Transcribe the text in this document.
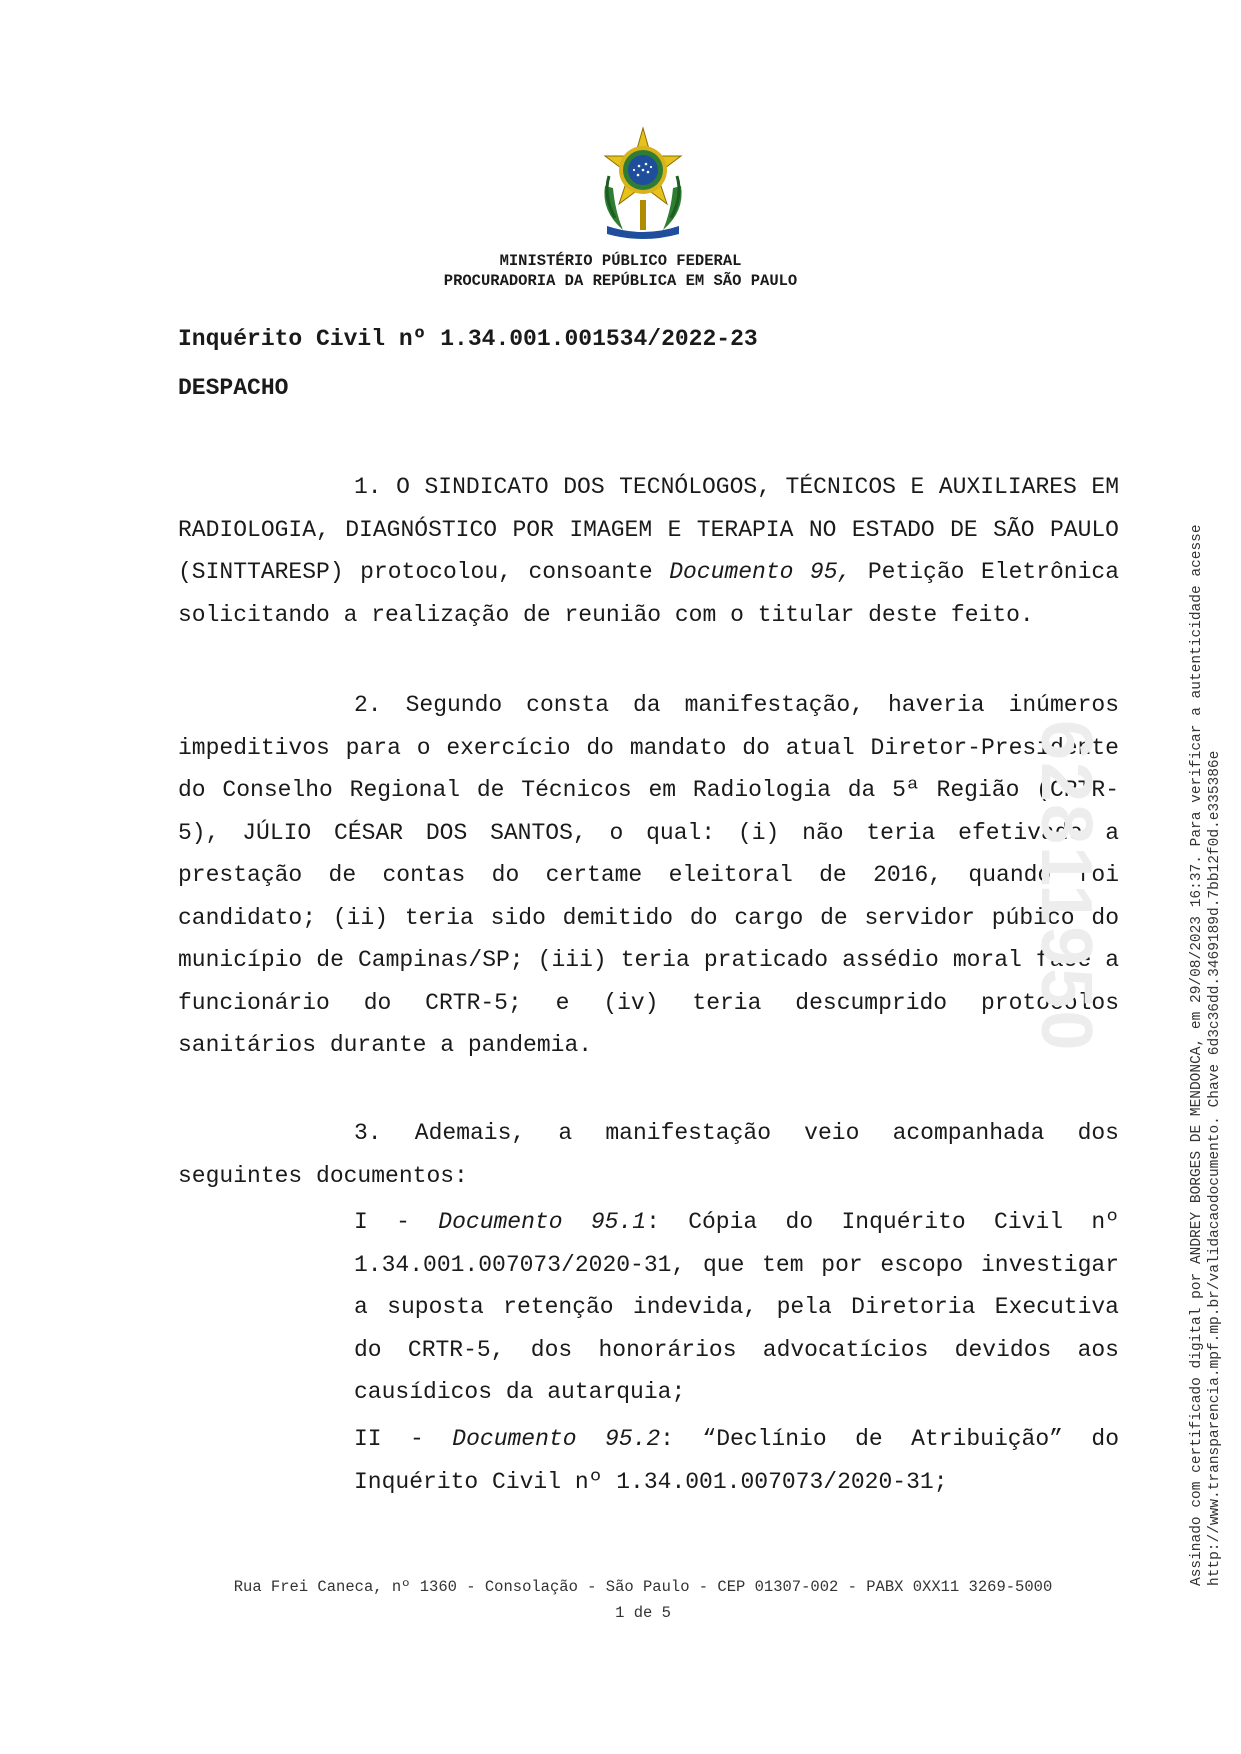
MINISTÉRIO PÚBLICO FEDERAL
PROCURADORIA DA REPÚBLICA EM SÃO PAULO
Inquérito Civil nº 1.34.001.001534/2022-23
DESPACHO
1. O SINDICATO DOS TECNÓLOGOS, TÉCNICOS E AUXILIARES EM RADIOLOGIA, DIAGNÓSTICO POR IMAGEM E TERAPIA NO ESTADO DE SÃO PAULO (SINTTARESP) protocolou, consoante Documento 95, Petição Eletrônica solicitando a realização de reunião com o titular deste feito.
2. Segundo consta da manifestação, haveria inúmeros impeditivos para o exercício do mandato do atual Diretor-Presidente do Conselho Regional de Técnicos em Radiologia da 5ª Região (CRTR-5), JÚLIO CÉSAR DOS SANTOS, o qual: (i) não teria efetivado a prestação de contas do certame eleitoral de 2016, quando foi candidato; (ii) teria sido demitido do cargo de servidor púbico do município de Campinas/SP; (iii) teria praticado assédio moral face a funcionário do CRTR-5; e (iv) teria descumprido protocolos sanitários durante a pandemia.
3. Ademais, a manifestação veio acompanhada dos seguintes documentos:
I - Documento 95.1: Cópia do Inquérito Civil nº 1.34.001.007073/2020-31, que tem por escopo investigar a suposta retenção indevida, pela Diretoria Executiva do CRTR-5, dos honorários advocatícios devidos aos causídicos da autarquia;
II - Documento 95.2: “Declínio de Atribuição” do Inquérito Civil nº 1.34.001.007073/2020-31;
62811950	Assinado com certificado digital por ANDREY BORGES DE MENDONCA, em 29/08/2023 16:37. Para verificar a autenticidade acesse http://www.transparencia.mpf.mp.br/validacaodocumento. Chave 6d3c36dd.3469189d.7bb12f0d.e335386e
Rua Frei Caneca, nº 1360 - Consolação - São Paulo - CEP 01307-002 - PABX 0XX11 3269-5000
1 de 5
